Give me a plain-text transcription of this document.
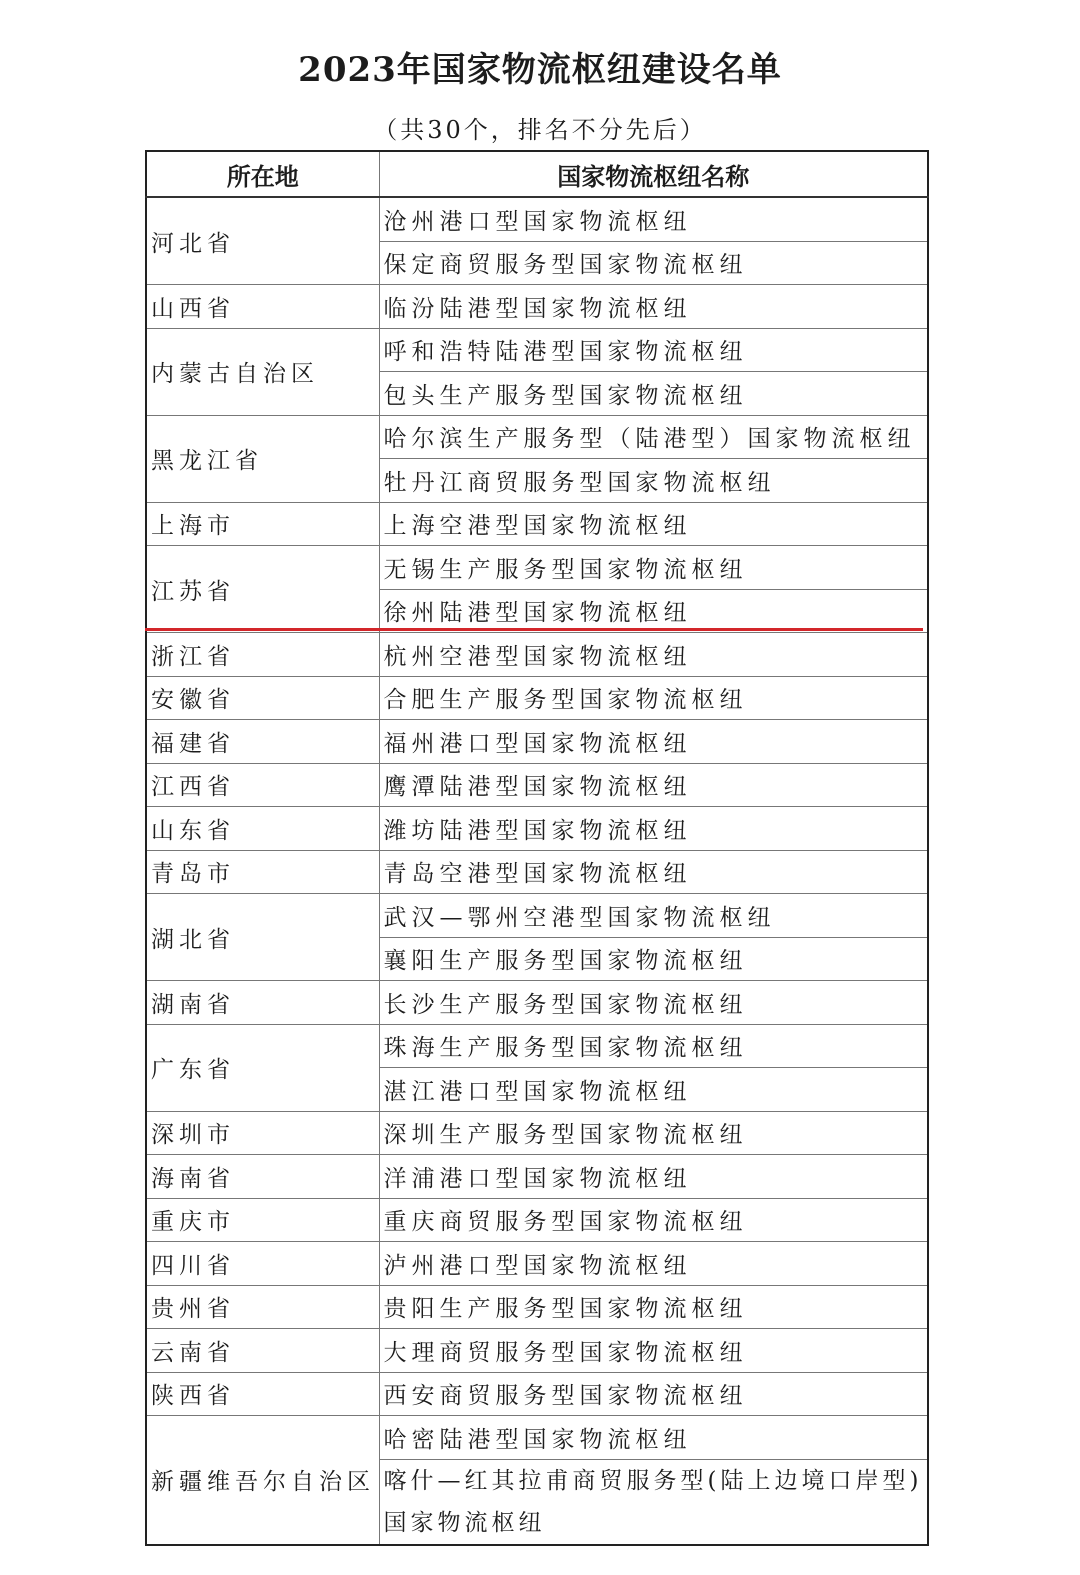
2023年国家物流枢纽建设名单
（共30个，排名不分先后）
所在地	国家物流枢纽名称
河北省	沧州港口型国家物流枢纽
	保定商贸服务型国家物流枢纽
山西省	临汾陆港型国家物流枢纽
内蒙古自治区	呼和浩特陆港型国家物流枢纽
	包头生产服务型国家物流枢纽
黑龙江省	哈尔滨生产服务型（陆港型）国家物流枢纽
	牡丹江商贸服务型国家物流枢纽
上海市	上海空港型国家物流枢纽
江苏省	无锡生产服务型国家物流枢纽
	徐州陆港型国家物流枢纽
浙江省	杭州空港型国家物流枢纽
安徽省	合肥生产服务型国家物流枢纽
福建省	福州港口型国家物流枢纽
江西省	鹰潭陆港型国家物流枢纽
山东省	潍坊陆港型国家物流枢纽
青岛市	青岛空港型国家物流枢纽
湖北省	武汉—鄂州空港型国家物流枢纽
	襄阳生产服务型国家物流枢纽
湖南省	长沙生产服务型国家物流枢纽
广东省	珠海生产服务型国家物流枢纽
	湛江港口型国家物流枢纽
深圳市	深圳生产服务型国家物流枢纽
海南省	洋浦港口型国家物流枢纽
重庆市	重庆商贸服务型国家物流枢纽
四川省	泸州港口型国家物流枢纽
贵州省	贵阳生产服务型国家物流枢纽
云南省	大理商贸服务型国家物流枢纽
陕西省	西安商贸服务型国家物流枢纽
新疆维吾尔自治区	哈密陆港型国家物流枢纽
	喀什—红其拉甫商贸服务型(陆上边境口岸型)国家物流枢纽
